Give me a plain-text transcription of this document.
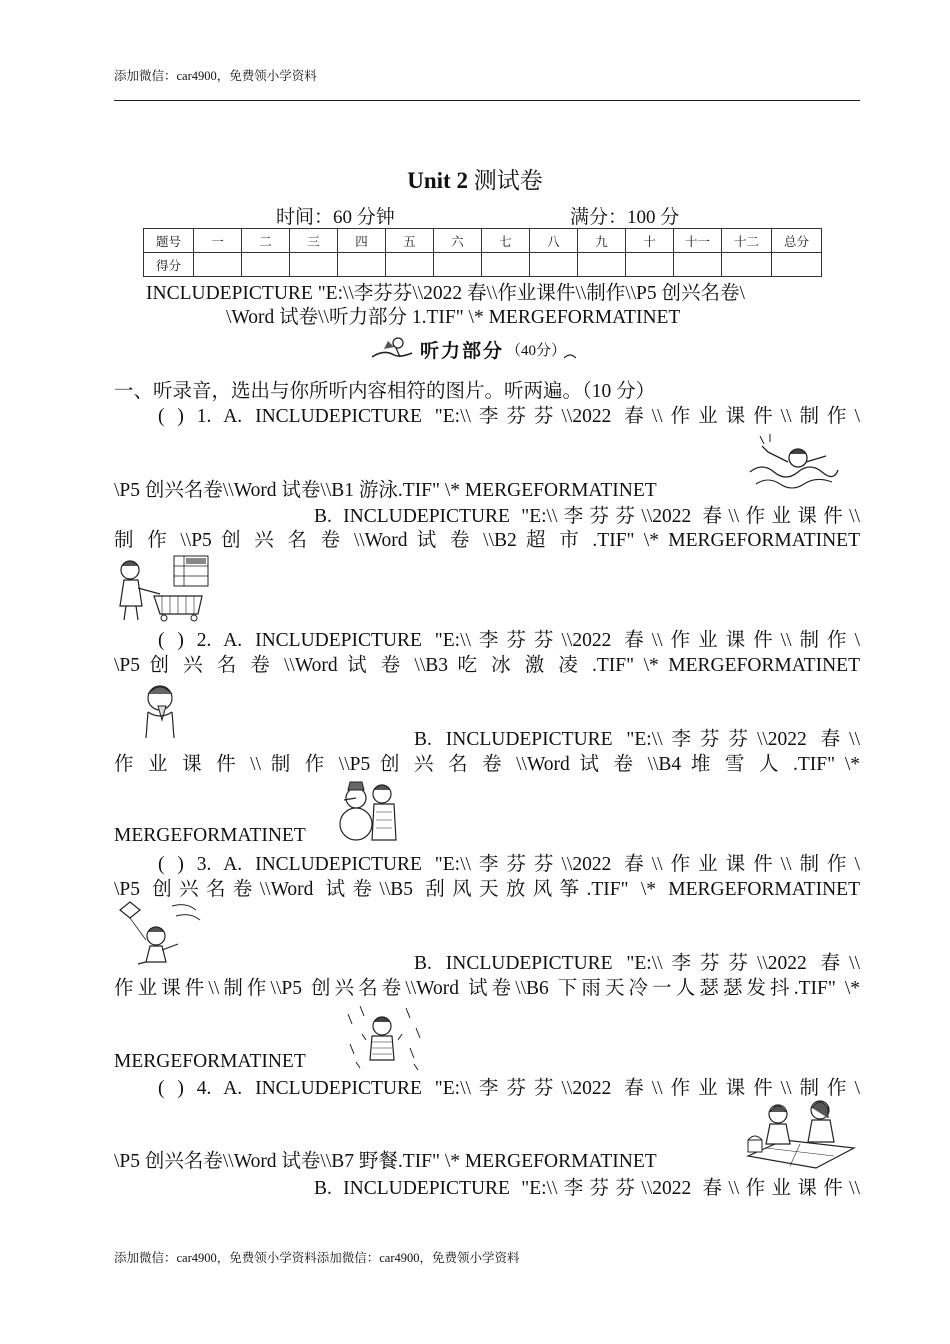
添加微信：car4900，免费领小学资料
Unit 2 测试卷
时间：60 分钟	满分：100 分
题号	一	二	三	四	五	六	七	八	九	十	十一	十二	总分
得分													
INCLUDEPICTURE "E:\\李芬芬\\2022 春\\作业课件\\制作\\P5 创兴名卷\
\Word 试卷\\听力部分 1.TIF" \* MERGEFORMATINET
听力部分 （40分）
一、听录音，选出与你所听内容相符的图片。听两遍。（10 分）
( ) 1. A. INCLUDEPICTURE "E:\\李芬芬\\2022 春\\作业课件\\制作\
\P5 创兴名卷\\Word 试卷\\B1 游泳.TIF" \* MERGEFORMATINET
B. INCLUDEPICTURE "E:\\李芬芬\\2022 春\\作业课件\\
制 作 \\P5 创 兴 名 卷 \\Word 试 卷 \\B2 超 市 .TIF" \* MERGEFORMATINET
( ) 2. A. INCLUDEPICTURE "E:\\李芬芬\\2022 春\\作业课件\\制作\
\P5 创 兴 名 卷 \\Word 试 卷 \\B3 吃 冰 激 凌 .TIF" \* MERGEFORMATINET
B. INCLUDEPICTURE "E:\\李芬芬\\2022 春\\
作 业 课 件 \\ 制 作 \\P5 创 兴 名 卷 \\Word 试 卷 \\B4 堆 雪 人 .TIF" \*
MERGEFORMATINET
( ) 3. A. INCLUDEPICTURE "E:\\李芬芬\\2022 春\\作业课件\\制作\
\P5 创兴名卷\\Word 试卷\\B5 刮风天放风筝.TIF" \* MERGEFORMATINET
B. INCLUDEPICTURE "E:\\李芬芬\\2022 春\\
作业课件\\制作\\P5 创兴名卷\\Word 试卷\\B6 下雨天冷一人瑟瑟发抖.TIF" \*
MERGEFORMATINET
( ) 4. A. INCLUDEPICTURE "E:\\李芬芬\\2022 春\\作业课件\\制作\
\P5 创兴名卷\\Word 试卷\\B7 野餐.TIF" \* MERGEFORMATINET
B. INCLUDEPICTURE "E:\\李芬芬\\2022 春\\作业课件\\
添加微信：car4900，免费领小学资料添加微信：car4900，免费领小学资料
